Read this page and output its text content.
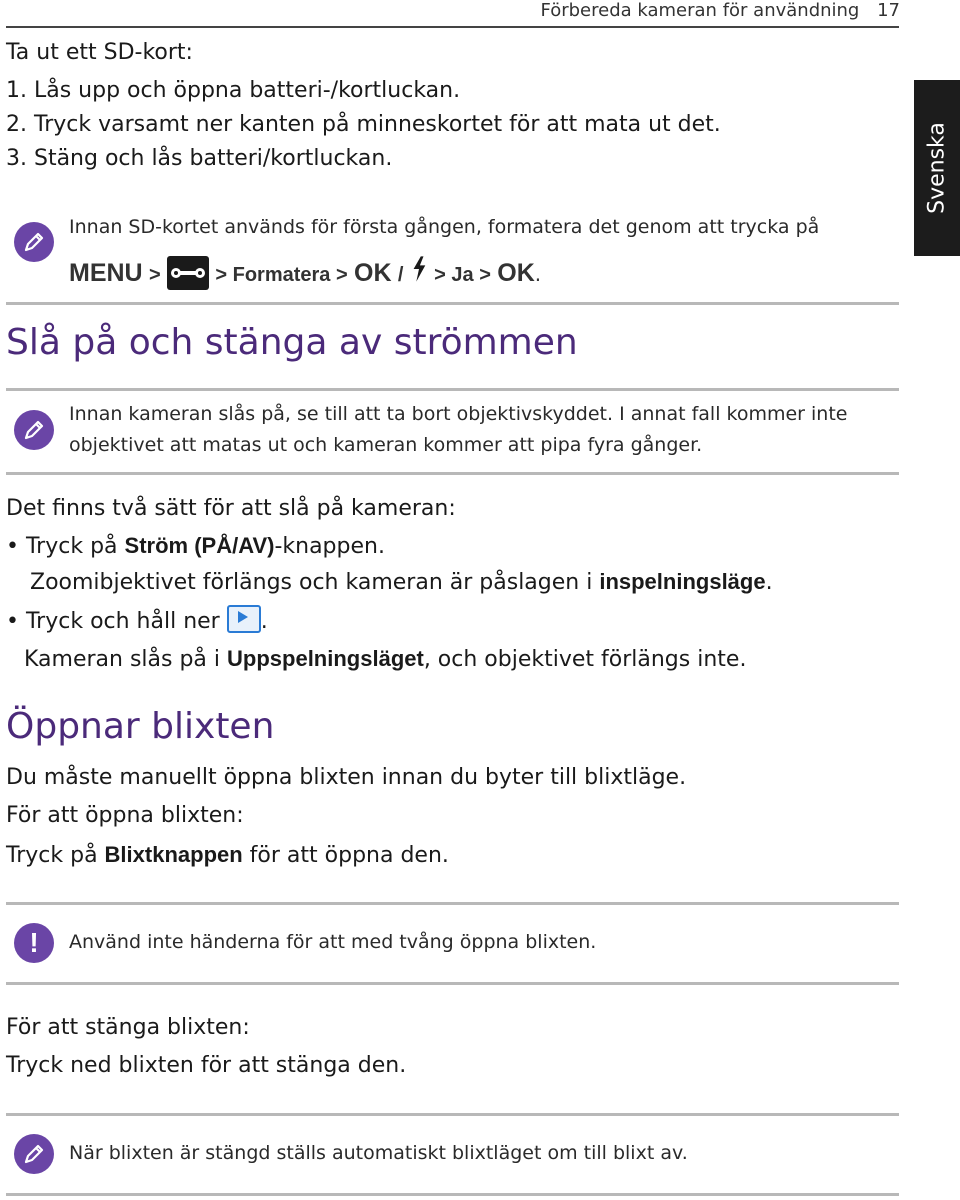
Förbereda kameran för användning 17
Svenska
Ta ut ett SD-kort:
1. Lås upp och öppna batteri-/kortluckan.
2. Tryck varsamt ner kanten på minneskortet för att mata ut det.
3. Stäng och lås batteri/kortluckan.
Innan SD-kortet används för första gången, formatera det genom att trycka på
MENU >	> Formatera > OK / > Ja > OK.
Slå på och stänga av strömmen
Innan kameran slås på, se till att ta bort objektivskyddet. I annat fall kommer inte
objektivet att matas ut och kameran kommer att pipa fyra gånger.
Det finns två sätt för att slå på kameran:
• Tryck på Ström (PÅ/AV)-knappen.
Zoomibjektivet förlängs och kameran är påslagen i inspelningsläge.
• Tryck och håll ner .
Kameran slås på i Uppspelningsläget, och objektivet förlängs inte.
Öppnar blixten
Du måste manuellt öppna blixten innan du byter till blixtläge.
För att öppna blixten:
Tryck på Blixtknappen för att öppna den.
!	Använd inte händerna för att med tvång öppna blixten.
För att stänga blixten:
Tryck ned blixten för att stänga den.
När blixten är stängd ställs automatiskt blixtläget om till blixt av.
